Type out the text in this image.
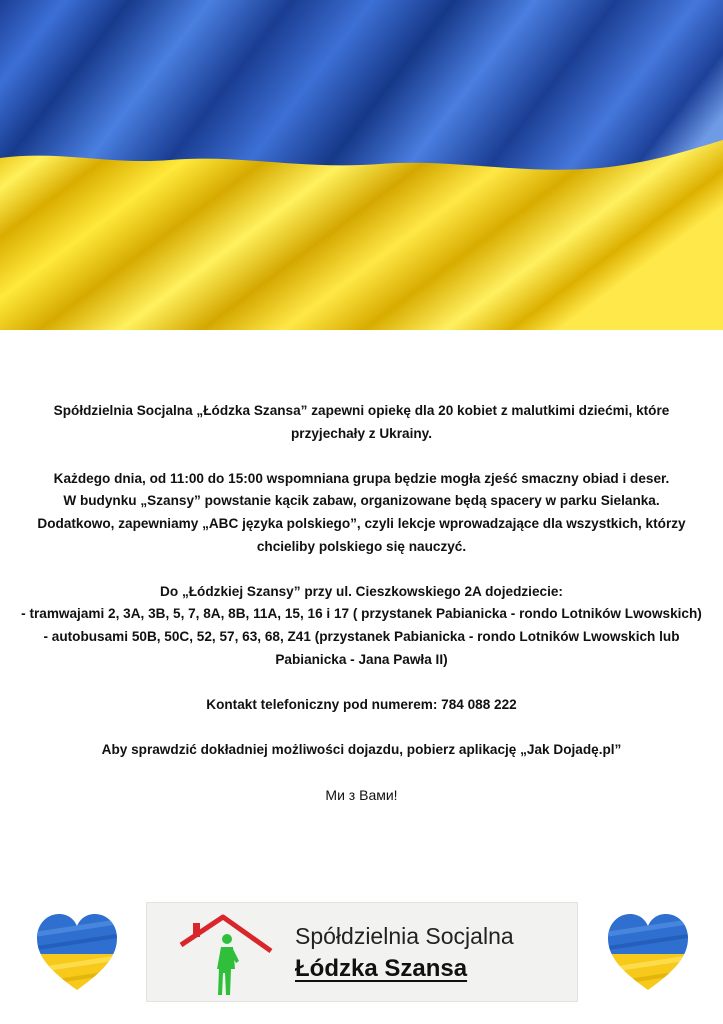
Spółdzielnia Socjalna „Łódzka Szansa” zapewni opiekę dla 20 kobiet z malutkimi dziećmi, które przyjechały z Ukrainy.

Każdego dnia, od 11:00 do 15:00 wspomniana grupa będzie mogła zjeść smaczny obiad i deser.

W budynku „Szansy” powstanie kącik zabaw, organizowane będą spacery w parku Sielanka.

Dodatkowo, zapewniamy „ABC języka polskiego”, czyli lekcje wprowadzające dla wszystkich, którzy chcieliby polskiego się nauczyć.

Do „Łódzkiej Szansy” przy ul. Cieszkowskiego 2A dojedziecie:

- tramwajami 2, 3A, 3B, 5, 7, 8A, 8B, 11A, 15, 16 i 17 ( przystanek Pabianicka - rondo Lotników Lwowskich)

- autobusami 50B, 50C, 52, 57, 63, 68, Z41 (przystanek Pabianicka - rondo Lotników Lwowskich lub Pabianicka - Jana Pawła II)

Kontakt telefoniczny pod numerem: 784 088 222

Aby sprawdzić dokładniej możliwości dojazdu, pobierz aplikację „Jak Dojadę.pl”

Ми з Вами!

Spółdzielnia Socjalna
Łódzka Szansa
